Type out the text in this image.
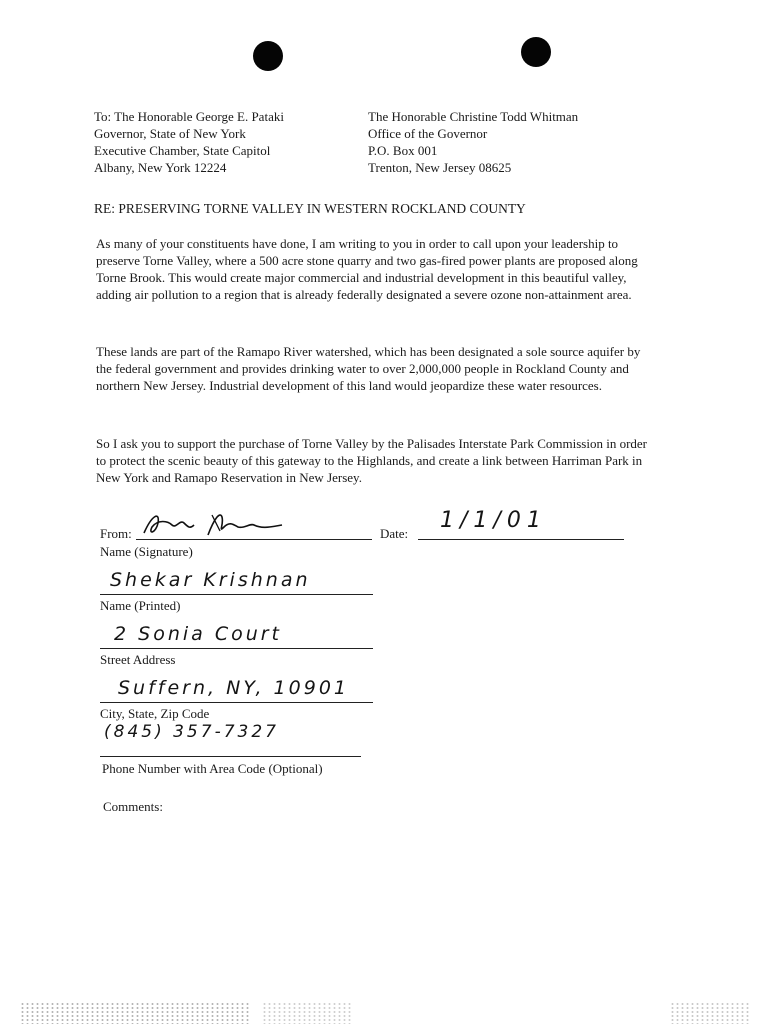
To: The Honorable George E. Pataki
Governor, State of New York
Executive Chamber, State Capitol
Albany, New York 12224
The Honorable Christine Todd Whitman
Office of the Governor
P.O. Box 001
Trenton, New Jersey 08625
RE: PRESERVING TORNE VALLEY IN WESTERN ROCKLAND COUNTY

As many of your constituents have done, I am writing to you in order to call upon your leadership to preserve Torne Valley, where a 500 acre stone quarry and two gas-fired power plants are proposed along Torne Brook. This would create major commercial and industrial development in this beautiful valley, adding air pollution to a region that is already federally designated a severe ozone non-attainment area.

These lands are part of the Ramapo River watershed, which has been designated a sole source aquifer by the federal government and provides drinking water to over 2,000,000 people in Rockland County and northern New Jersey. Industrial development of this land would jeopardize these water resources.

So I ask you to support the purchase of Torne Valley by the Palisades Interstate Park Commission in order to protect the scenic beauty of this gateway to the Highlands, and create a link between Harriman Park in New York and Ramapo Reservation in New Jersey.

From:	Date:
1/1/01
Name (Signature)
Shekar Krishnan
Name (Printed)
2 Sonia Court
Street Address
Suffern, NY, 10901
City, State, Zip Code
(845) 357-7327
Phone Number with Area Code (Optional)
Comments:
